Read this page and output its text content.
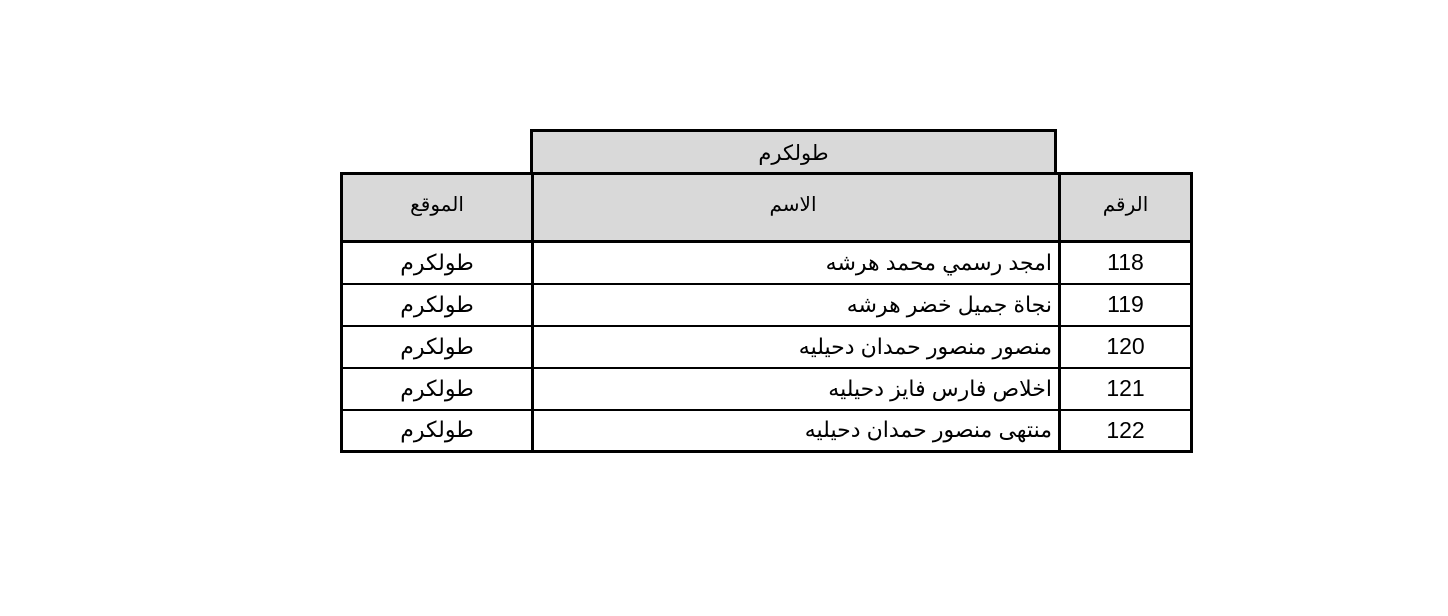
طولكرم
الموقع	الاسم	الرقم
طولكرم	امجد رسمي محمد هرشه	118
طولكرم	نجاة جميل خضر هرشه	119
طولكرم	منصور منصور حمدان دحيليه	120
طولكرم	اخلاص فارس فايز دحيليه	121
طولكرم	منتهى منصور حمدان دحيليه	122
